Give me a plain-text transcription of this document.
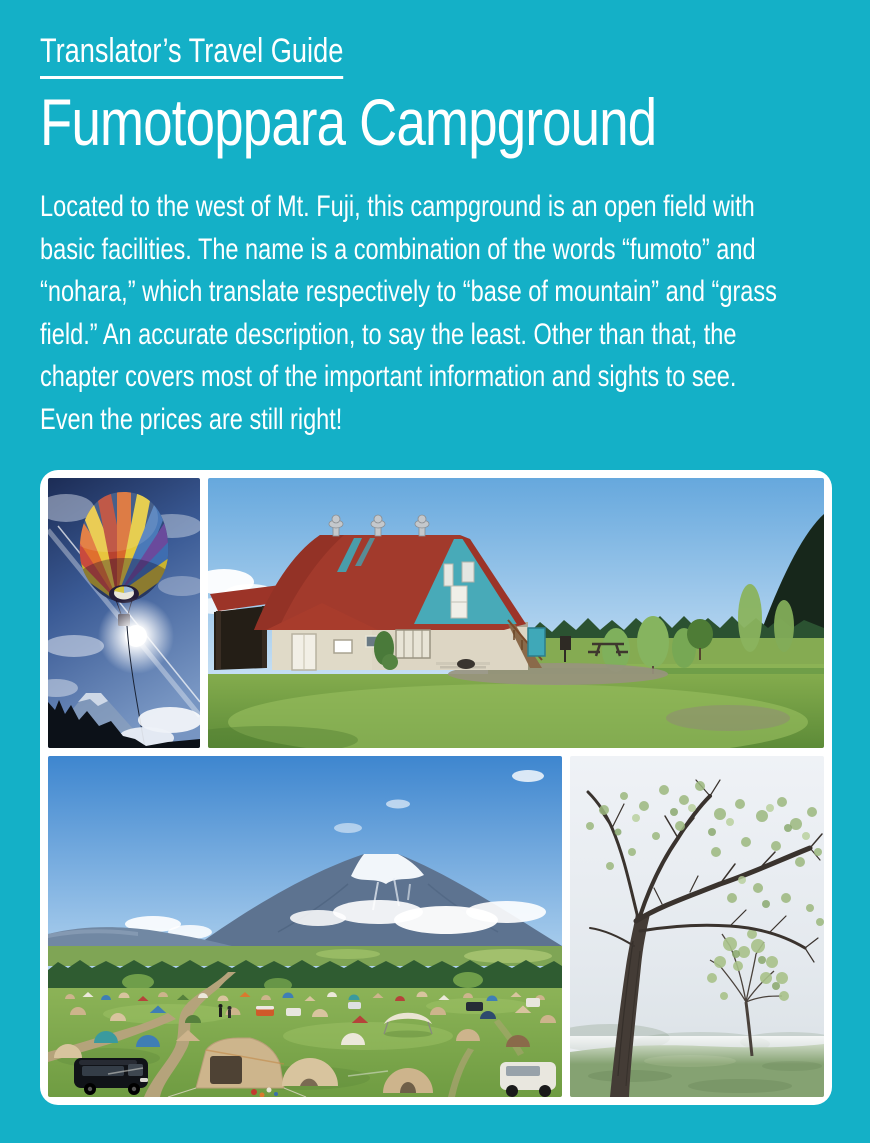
Translator’s Travel Guide
Fumotoppara Campground

Located to the west of Mt. Fuji, this campground is an open field with basic facilities. The name is a combination of the words “fumoto” and “nohara,” which translate respectively to “base of mountain” and “grass field.” An accurate description, to say the least. Other than that, the chapter covers most of the important information and sights to see. Even the prices are still right!
